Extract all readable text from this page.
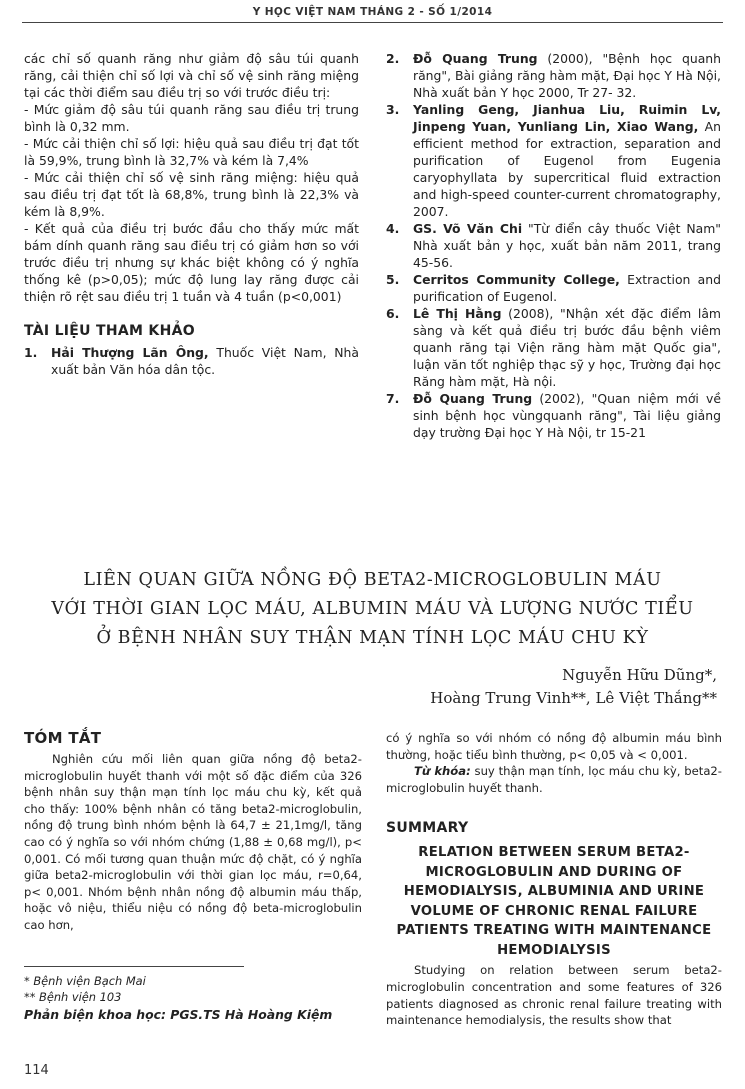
Y HỌC VIỆT NAM THÁNG 2 - SỐ 1/2014

các chỉ số quanh răng như giảm độ sâu túi quanh răng, cải thiện chỉ số lợi và chỉ số vệ sinh răng miệng tại các thời điểm sau điều trị so với trước điều trị:

- Mức giảm độ sâu túi quanh răng sau điều trị trung bình là 0,32 mm.

- Mức cải thiện chỉ số lợi: hiệu quả sau điều trị đạt tốt là 59,9%, trung bình là 32,7% và kém là 7,4%

- Mức cải thiện chỉ số vệ sinh răng miệng: hiệu quả sau điều trị đạt tốt là 68,8%, trung bình là 22,3% và kém là 8,9%.

- Kết quả của điều trị bước đầu cho thấy mức mất bám dính quanh răng sau điều trị có giảm hơn so với trước điều trị nhưng sự khác biệt không có ý nghĩa thống kê (p>0,05); mức độ lung lay răng được cải thiện rõ rệt sau điều trị 1 tuần và 4 tuần (p<0,001)

TÀI LIỆU THAM KHẢO

1. Hải Thượng Lãn Ông, Thuốc Việt Nam, Nhà xuất bản Văn hóa dân tộc.

2. Đỗ Quang Trung (2000), "Bệnh học quanh răng", Bài giảng răng hàm mặt, Đại học Y Hà Nội, Nhà xuất bản Y học 2000, Tr 27- 32.

3. Yanling Geng, Jianhua Liu, Ruimin Lv, Jinpeng Yuan, Yunliang Lin, Xiao Wang, An efficient method for extraction, separation and purification of Eugenol from Eugenia caryophyllata by supercritical fluid extraction and high-speed counter-current chromatography, 2007.

4. GS. Võ Văn Chi "Từ điển cây thuốc Việt Nam" Nhà xuất bản y học, xuất bản năm 2011, trang 45-56.

5. Cerritos Community College, Extraction and purification of Eugenol.

6. Lê Thị Hằng (2008), "Nhận xét đặc điểm lâm sàng và kết quả điều trị bước đầu bệnh viêm quanh răng tại Viện răng hàm mặt Quốc gia", luận văn tốt nghiệp thạc sỹ y học, Trường đại học Răng hàm mặt, Hà nội.

7. Đỗ Quang Trung (2002), "Quan niệm mới về sinh bệnh học vùngquanh răng", Tài liệu giảng dạy trường Đại học Y Hà Nội, tr 15-21

LIÊN QUAN GIỮA NỒNG ĐỘ BETA2-MICROGLOBULIN MÁU
VỚI THỜI GIAN LỌC MÁU, ALBUMIN MÁU VÀ LƯỢNG NƯỚC TIỂU
Ở BỆNH NHÂN SUY THẬN MẠN TÍNH LỌC MÁU CHU KỲ
Nguyễn Hữu Dũng*,
Hoàng Trung Vinh**, Lê Việt Thắng**
TÓM TẮT

Nghiên cứu mối liên quan giữa nồng độ beta2-microglobulin huyết thanh với một số đặc điểm của 326 bệnh nhân suy thận mạn tính lọc máu chu kỳ, kết quả cho thấy: 100% bệnh nhân có tăng beta2-microglobulin, nồng độ trung bình nhóm bệnh là 64,7 ± 21,1mg/l, tăng cao có ý nghĩa so với nhóm chứng (1,88 ± 0,68 mg/l), p< 0,001. Có mối tương quan thuận mức độ chặt, có ý nghĩa giữa beta2-microglobulin với thời gian lọc máu, r=0,64, p< 0,001. Nhóm bệnh nhân nồng độ albumin máu thấp, hoặc vô niệu, thiểu niệu có nồng độ beta-microglobulin cao hơn,

có ý nghĩa so với nhóm có nồng độ albumin máu bình thường, hoặc tiểu bình thường, p< 0,05 và < 0,001.

Từ khóa: suy thận mạn tính, lọc máu chu kỳ, beta2-microglobulin huyết thanh.

SUMMARY
RELATION BETWEEN SERUM BETA2-MICROGLOBULIN AND DURING OF HEMODIALYSIS, ALBUMINIA AND URINE VOLUME OF CHRONIC RENAL FAILURE PATIENTS TREATING WITH MAINTENANCE HEMODIALYSIS

Studying on relation between serum beta2-microglobulin concentration and some features of 326 patients diagnosed as chronic renal failure treating with maintenance hemodialysis, the results show that

* Bệnh viện Bạch Mai
** Bệnh viện 103
Phản biện khoa học: PGS.TS Hà Hoàng Kiệm
114
